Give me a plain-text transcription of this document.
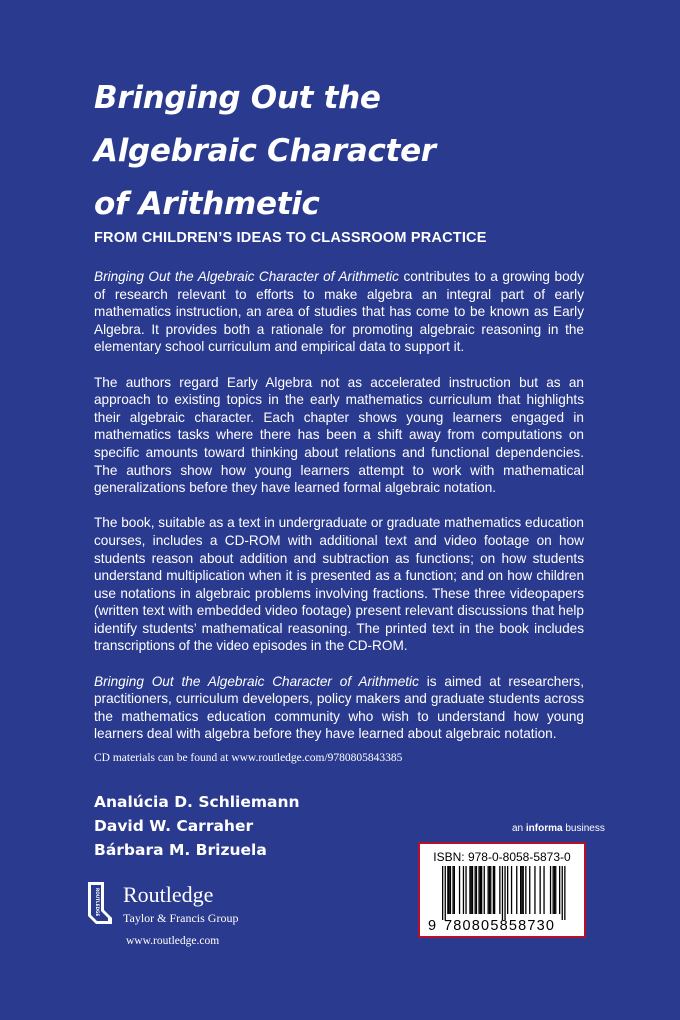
Bringing Out the
Algebraic Character
of Arithmetic
FROM CHILDREN’S IDEAS TO CLASSROOM PRACTICE

Bringing Out the Algebraic Character of Arithmetic contributes to a growing body of research relevant to efforts to make algebra an integral part of early mathematics instruction, an area of studies that has come to be known as Early Algebra. It provides both a rationale for promoting algebraic reasoning in the elementary school curriculum and empirical data to support it.

The authors regard Early Algebra not as accelerated instruction but as an approach to existing topics in the early mathematics curriculum that highlights their algebraic character. Each chapter shows young learners engaged in mathematics tasks where there has been a shift away from computations on specific amounts toward thinking about relations and functional dependencies. The authors show how young learners attempt to work with mathematical generalizations before they have learned formal algebraic notation.

The book, suitable as a text in undergraduate or graduate mathematics education courses, includes a CD-ROM with additional text and video footage on how students reason about addition and subtraction as functions; on how students understand multiplication when it is presented as a function; and on how children use notations in algebraic problems involving fractions. These three videopapers (written text with embedded video footage) present relevant discussions that help identify students’ mathematical reasoning. The printed text in the book includes transcriptions of the video episodes in the CD-ROM.

Bringing Out the Algebraic Character of Arithmetic is aimed at researchers, practitioners, curriculum developers, policy makers and graduate students across the mathematics education community who wish to understand how young learners deal with algebra before they have learned about algebraic notation.

CD materials can be found at www.routledge.com/9780805843385
Analúcia D. Schliemann
David W. Carraher
Bárbara M. Brizuela
an informa business
ISBN: 978-0-8058-5873-0
9 780805858730
ROUTLEDGE Routledge
Taylor & Francis Group
www.routledge.com
